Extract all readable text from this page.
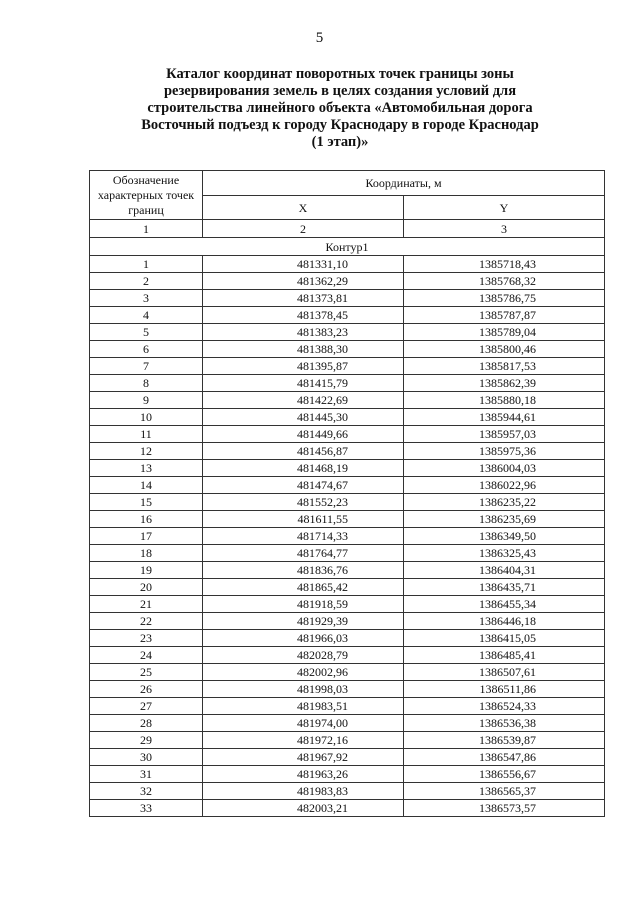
5
Каталог координат поворотных точек границы зоны резервирования земель в целях создания условий для строительства линейного объекта «Автомобильная дорога Восточный подъезд к городу Краснодару в городе Краснодар (1 этап)»
Обозначение характерных точек границ	Координаты, м	
	X	Y
1	2	3
Контур1		
1	481331,10	1385718,43
2	481362,29	1385768,32
3	481373,81	1385786,75
4	481378,45	1385787,87
5	481383,23	1385789,04
6	481388,30	1385800,46
7	481395,87	1385817,53
8	481415,79	1385862,39
9	481422,69	1385880,18
10	481445,30	1385944,61
11	481449,66	1385957,03
12	481456,87	1385975,36
13	481468,19	1386004,03
14	481474,67	1386022,96
15	481552,23	1386235,22
16	481611,55	1386235,69
17	481714,33	1386349,50
18	481764,77	1386325,43
19	481836,76	1386404,31
20	481865,42	1386435,71
21	481918,59	1386455,34
22	481929,39	1386446,18
23	481966,03	1386415,05
24	482028,79	1386485,41
25	482002,96	1386507,61
26	481998,03	1386511,86
27	481983,51	1386524,33
28	481974,00	1386536,38
29	481972,16	1386539,87
30	481967,92	1386547,86
31	481963,26	1386556,67
32	481983,83	1386565,37
33	482003,21	1386573,57
